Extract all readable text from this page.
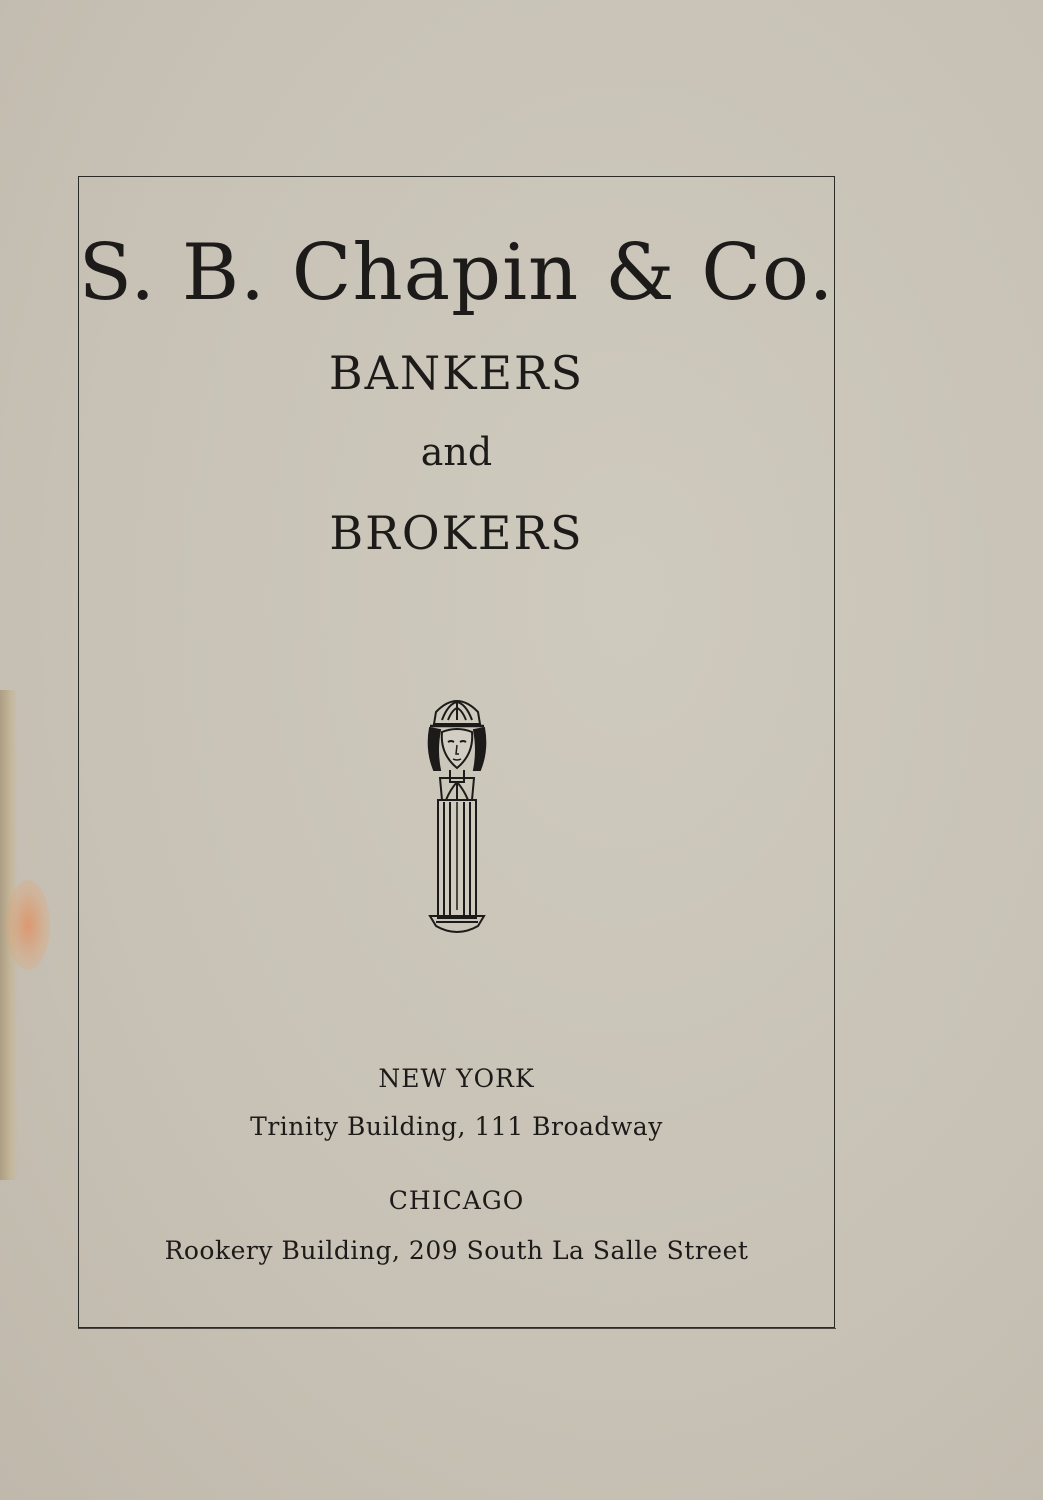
S. B. Chapin & Co.
BANKERS
and
BROKERS
NEW YORK
Trinity Building, 111 Broadway
CHICAGO
Rookery Building, 209 South La Salle Street
